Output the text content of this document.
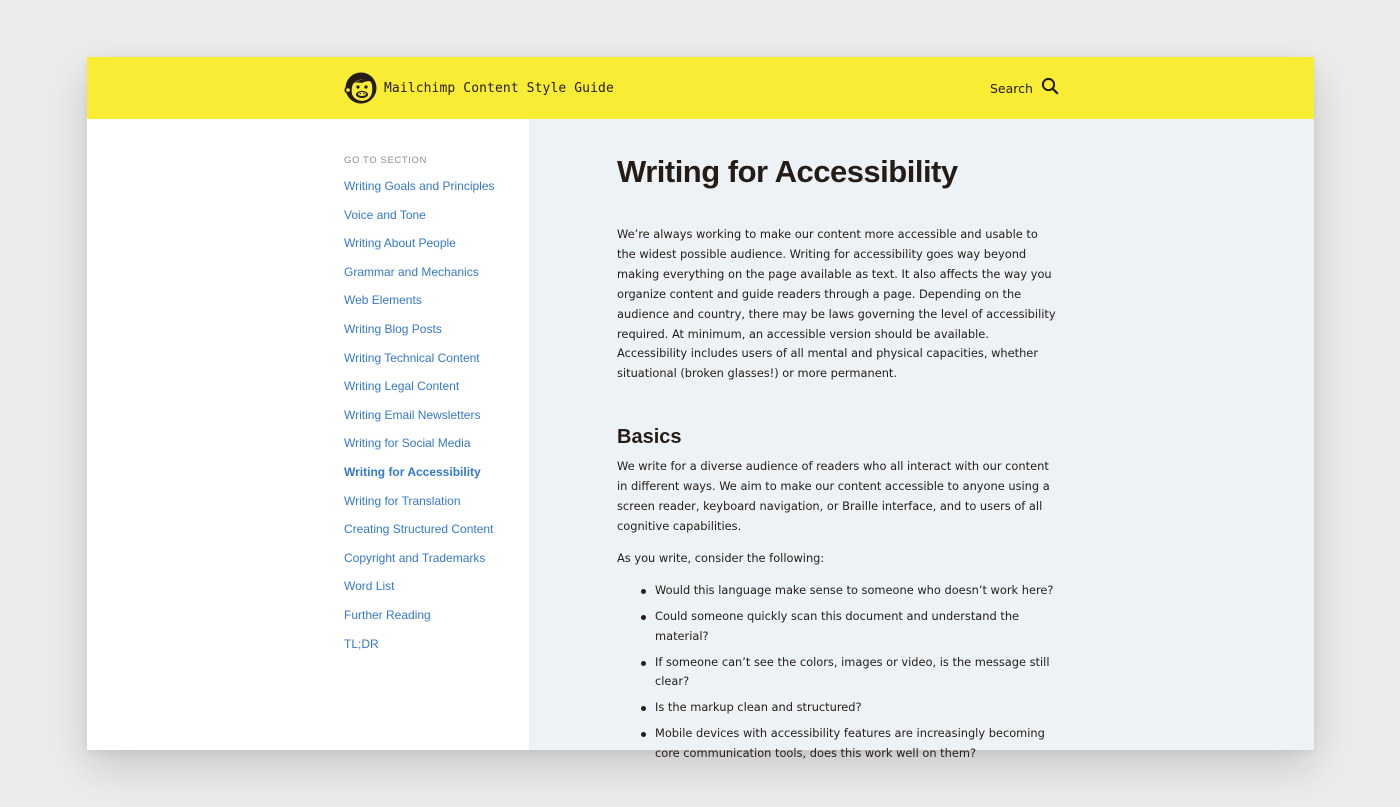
Mailchimp Content Style Guide	Search
GO TO SECTION
Writing Goals and Principles
Voice and Tone
Writing About People
Grammar and Mechanics
Web Elements
Writing Blog Posts
Writing Technical Content
Writing Legal Content
Writing Email Newsletters
Writing for Social Media
Writing for Accessibility
Writing for Translation
Creating Structured Content
Copyright and Trademarks
Word List
Further Reading
TL;DR
Writing for Accessibility

We’re always working to make our content more accessible and usable to the widest possible audience. Writing for accessibility goes way beyond making everything on the page available as text. It also affects the way you organize content and guide readers through a page. Depending on the audience and country, there may be laws governing the level of accessibility required. At minimum, an accessible version should be available. Accessibility includes users of all mental and physical capacities, whether situational (broken glasses!) or more permanent.

Basics

We write for a diverse audience of readers who all interact with our content in different ways. We aim to make our content accessible to anyone using a screen reader, keyboard navigation, or Braille interface, and to users of all cognitive capabilities.

As you write, consider the following:

Would this language make sense to someone who doesn’t work here?
Could someone quickly scan this document and understand the material?
If someone can’t see the colors, images or video, is the message still clear?
Is the markup clean and structured?
Mobile devices with accessibility features are increasingly becoming core communication tools, does this work well on them?
